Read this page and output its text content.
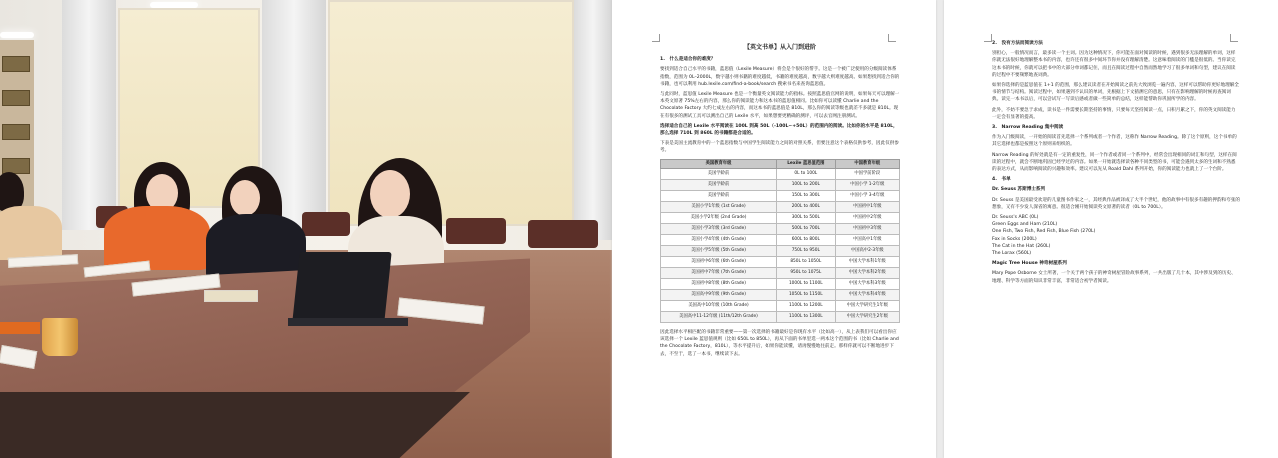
【英文书单】从入门到进阶

1.　什么是适合你的难度？

要找到适合自己水平的书籍，蓝思值（Lexile Measure）将会是个很好的帮手。这是一个被广泛使用的分级阅读体系指数，范围为 0L–2000L，数字越小则书籍的难度越低，书籍的难度越高，数字越大则难度越高。如果想找到适合你的书籍，也可以利用 hub.lexile.com/find-a-book/search 搜索书名来查询蓝思值。

与此同时，蓝思值 Lexile Measure 也是一个衡量英文阅读能力的指标。按照蓝思值官网的说明，如果每天可以理解一本英文原著 75%左右的内容，那么你的阅读能力和这本书的蓝思值相同。比如你可以读懂 Charlie and the Chocolate Factory 大约七成左右的内容，而这本书的蓝思值是 810L，那么你的阅读等级也就差不多就是 810L。现在有很多的测试工具可以测出自己的 Lexile 水平，如果想要更精确的测评，可以去官网注册测试。

选择适合自己的 Lexile 水平阅读在 100L 到高 50L（-100L~+50L）的范围内的阅读。比如你的水平是 810L，那么选择 710L 到 860L 的书籍都是合适的。

下表是美国主流教育中的一个蓝思指数与中国学生阅读能力之间的对照关系，但要注意这个表格仅供参考，因此仅供参考。

美国教育年级	Lexile 蓝思值范围	中国教育年级
美国学龄前	0L to 100L	中国学前阶段
美国学龄前	100L to 200L	中国小学 1-2年级
美国学龄前	150L to 300L	中国小学 3-4年级
美国小学1年级 (1st Grade)	200L to 400L	中国初中1年级
美国小学2年级 (2nd Grade)	300L to 500L	中国初中2年级
美国小学3年级 (3rd Grade)	500L to 700L	中国初中3年级
美国小学4年级 (4th Grade)	600L to 800L	中国高中1年级
美国小学5年级 (5th Grade)	750L to 950L	中国高中2-3年级
美国初中6年级 (6th Grade)	850L to 1050L	中国大学本科1年级
美国初中7年级 (7th Grade)	950L to 1075L	中国大学本科2年级
美国初中8年级 (8th Grade)	1000L to 1100L	中国大学本科3年级
美国高中9年级 (9th Grade)	1050L to 1150L	中国大学本科4年级
美国高中10年级 (10th Grade)	1100L to 1200L	中国大学研究生1年级
美国高中11-12年级 (11th/12th Grade)	1100L to 1300L	中国大学研究生2年级

因此选择水平相匹配的书籍非常重要——第一次选择的书籍最好是你现有水平（比如高一），从上表我们可以看出你应该选择一个 Lexile 蓝思值规则（比如 650L to 850L），再从下面的书单里选一两本这个范围的书（比如 Charlie and the Chocolate Factory，810L），等水平提升后，如果你能读懂，请再慢慢地往前走。那样你就可以不断地进步下去，不至于，选了一本书，继续读下去。

2.　没有方法而阅读方法

别担心，一般情况而言，最多读一个主词。因为这种情况下，你可能在面对阅读的时候，遇到很多无法理解的单词，这样你就无法很好地理解整本书的内容，也许还有很多中间环节你并没有理解清楚。这意味着阅读的门槛是很低的。当你读完这本书的时候，你就可以把书中的大部分单词都记住，而且在阅读过程中自然而然地学习了很多单词和句型，建议在阅读的过程中不要频繁地查词典。

如果你选择的是蓝思值在 1+1 的范围，那么建议读者在开始阅读之前先大致浏览一遍内容，这样可以帮助你更好地理解全书的情节与结构。阅读过程中，如果遇到不认识的单词，先根据上下文猜测它的意思，只有在影响理解的时候再查阅词典。读完一本书以后，可以尝试写一写读后感或者做一些简单的总结，这样能帮助你巩固所学的内容。

此外，不妨不要急于求成，读书是一件需要长期坚持的事情，只要每天坚持阅读一点，日积月累之下，你的英文阅读能力一定会有显著的提高。

3.　Narrow Reading 集中阅读

作为入门级阅读，一开始的阅读首先选择一个系列或者一个作者，这称作 Narrow Reading。除了这个原则，这个书单的其它选择也都是按照这个原则来组织的。

Narrow Reading 的好处就是有一定的重复性，同一个作者或者同一个系列中，经常会出现相同的词汇和句型，这样在阅读的过程中，就会不断地巩固已经学过的内容。如果一开始就选择读各种不同类型的书，可能会遇到太多的生词和不熟悉的表达方式，从而影响阅读的兴趣和效率。建议可以先从 Roald Dahl 系列开始，你的阅读能力也就上了一个台阶。

4.　书单

Dr. Seuss 苏斯博士系列

Dr. Seuss 是美国最受欢迎的儿童图书作家之一，其经典作品被译成了大半个世纪，他的故事中有很多有趣的押韵和夸张的想象，又有不少发人深省的寓意。很适合刚开始阅读英文原著的读者（0L to 700L）。

Dr. Seuss's ABC (0L)
Green Eggs and Ham (210L)
One Fish, Two Fish, Red Fish, Blue Fish (270L)
Fox in Socks (200L)
The Cat in the Hat (260L)
The Lorax (560L)

Magic Tree House 神奇树屋系列

Mary Pope Osborne 女士所著，一个关于两个孩子的神奇树屋冒险故事系列，一共出版了几十本，其中涉及到的历史、地理、科学等方面的知识非常丰富，非常适合初学者阅读。
